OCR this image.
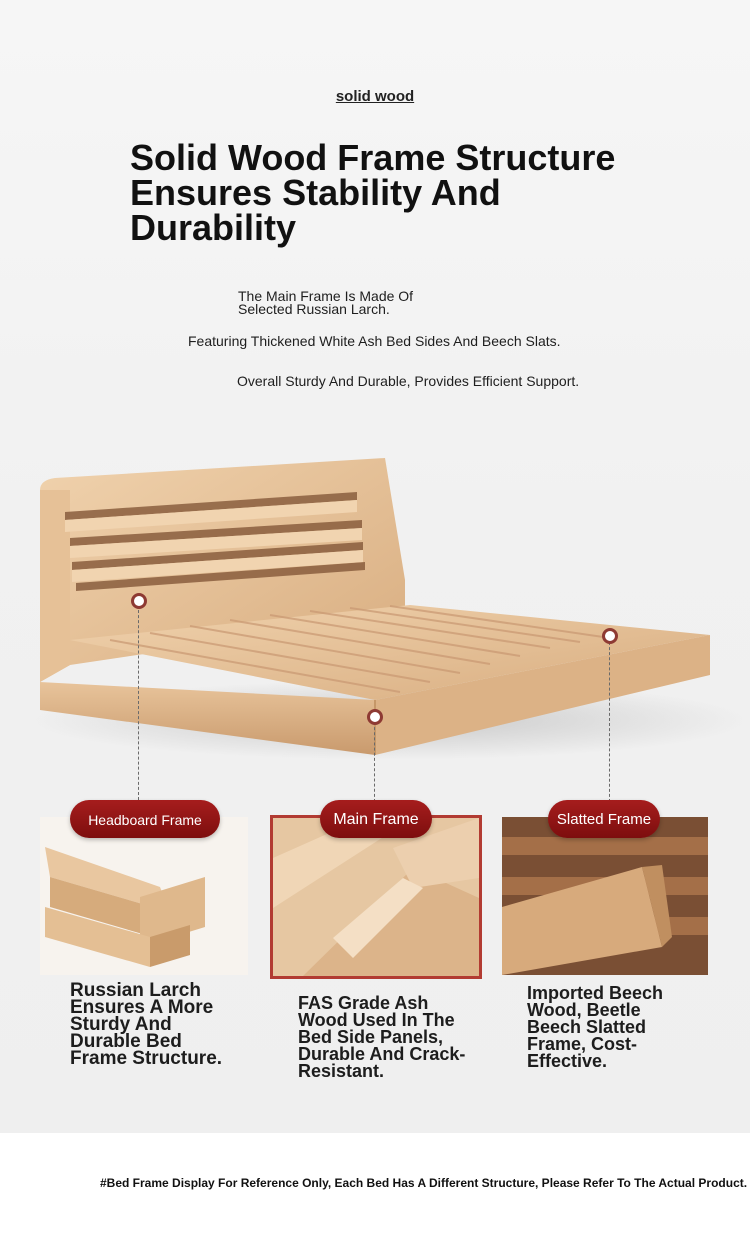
solid wood
Solid Wood Frame Structure Ensures Stability And Durability
The Main Frame Is Made Of Selected Russian Larch.
Featuring Thickened White Ash Bed Sides And Beech Slats.
Overall Sturdy And Durable, Provides Efficient Support.
Headboard Frame	Main Frame	Slatted Frame
Russian Larch Ensures A More Sturdy And Durable Bed Frame Structure.
FAS Grade Ash Wood Used In The Bed Side Panels, Durable And Crack-Resistant.
Imported Beech Wood, Beetle Beech Slatted Frame, Cost-Effective.
#Bed Frame Display For Reference Only, Each Bed Has A Different Structure, Please Refer To The Actual Product.
